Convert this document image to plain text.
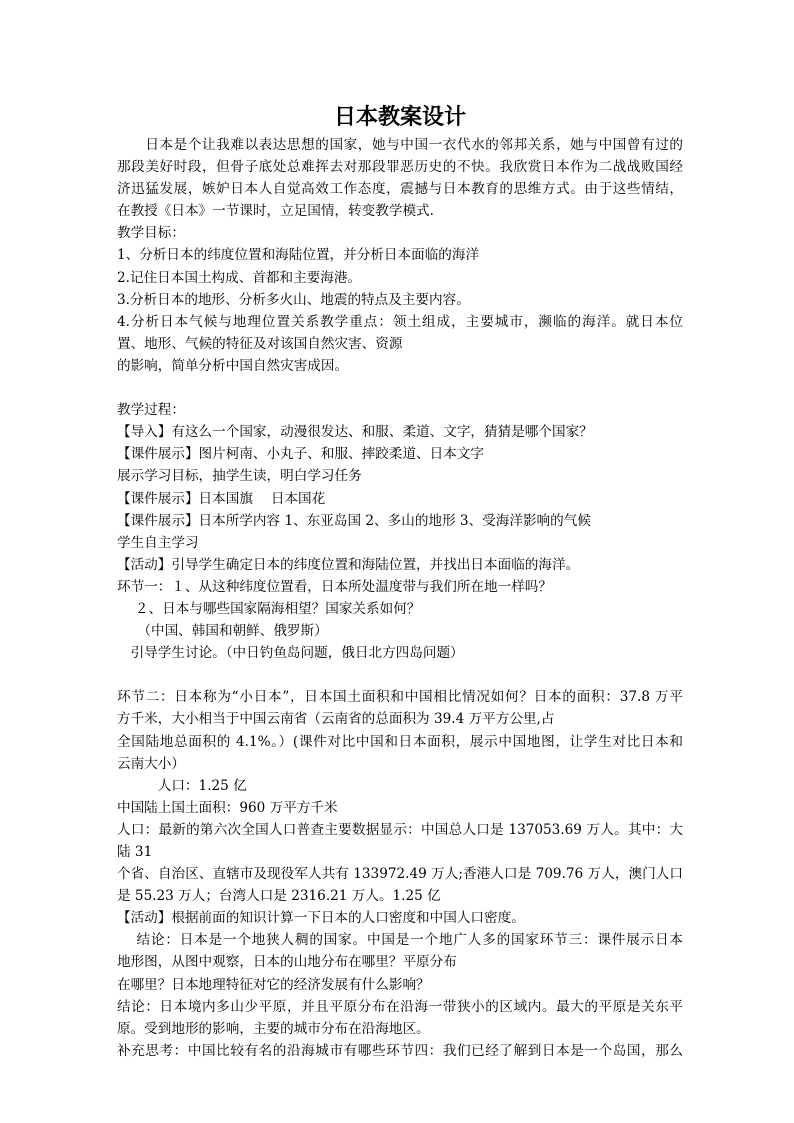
日本教案设计
　　日本是个让我难以表达思想的国家，她与中国一衣代水的邻邦关系，她与中国曾有过的
那段美好时段，但骨子底处总难挥去对那段罪恶历史的不快。我欣赏日本作为二战战败国经
济迅猛发展，嫉妒日本人自觉高效工作态度，震撼与日本教育的思维方式。由于这些情结，
在教授《日本》一节课时，立足国情，转变教学模式.
教学目标：
1、分析日本的纬度位置和海陆位置，并分析日本面临的海洋
2.记住日本国土构成、首都和主要海港。
3.分析日本的地形、分析多火山、地震的特点及主要内容。
4.分析日本气候与地理位置关系教学重点：领土组成，主要城市，濒临的海洋。就日本位
置、地形、气候的特征及对该国自然灾害、资源
的影响，简单分析中国自然灾害成因。
教学过程：
【导入】有这么一个国家，动漫很发达、和服、柔道、文字，猜猜是哪个国家？
【课件展示】图片柯南、小丸子、和服、摔跤柔道、日本文字
展示学习目标，抽学生读，明白学习任务
【课件展示】日本国旗　 日本国花
【课件展示】日本所学内容 1、东亚岛国 2、多山的地形 3、受海洋影响的气候
学生自主学习
【活动】引导学生确定日本的纬度位置和海陆位置，并找出日本面临的海洋。
环节一：１、从这种纬度位置看，日本所处温度带与我们所在地一样吗？
　 ２、日本与哪些国家隔海相望？国家关系如何？
　　（中国、韩国和朝鲜、俄罗斯）
　引导学生讨论。（中日钓鱼岛问题，俄日北方四岛问题）
环节二：日本称为“小日本”，日本国土面积和中国相比情况如何？日本的面积：37.8 万平
方千米，大小相当于中国云南省（云南省的总面积为 39.4 万平方公里,占
全国陆地总面积的 4.1%。）(课件对比中国和日本面积，展示中国地图，让学生对比日本和
云南大小）
　　　人口：1.25 亿
中国陆上国土面积：960 万平方千米
人口：最新的第六次全国人口普查主要数据显示：中国总人口是 137053.69 万人。其中：大
陆 31
个省、自治区、直辖市及现役军人共有 133972.49 万人;香港人口是 709.76 万人，澳门人口
是 55.23 万人；台湾人口是 2316.21 万人。1.25 亿
【活动】根据前面的知识计算一下日本的人口密度和中国人口密度。
　 结论：日本是一个地狭人稠的国家。中国是一个地广人多的国家环节三：课件展示日本
地形图，从图中观察，日本的山地分布在哪里？平原分布
在哪里？日本地理特征对它的经济发展有什么影响？
结论：日本境内多山少平原，并且平原分布在沿海一带狭小的区域内。最大的平原是关东平
原。受到地形的影响，主要的城市分布在沿海地区。
补充思考：中国比较有名的沿海城市有哪些环节四：我们已经了解到日本是一个岛国，那么
